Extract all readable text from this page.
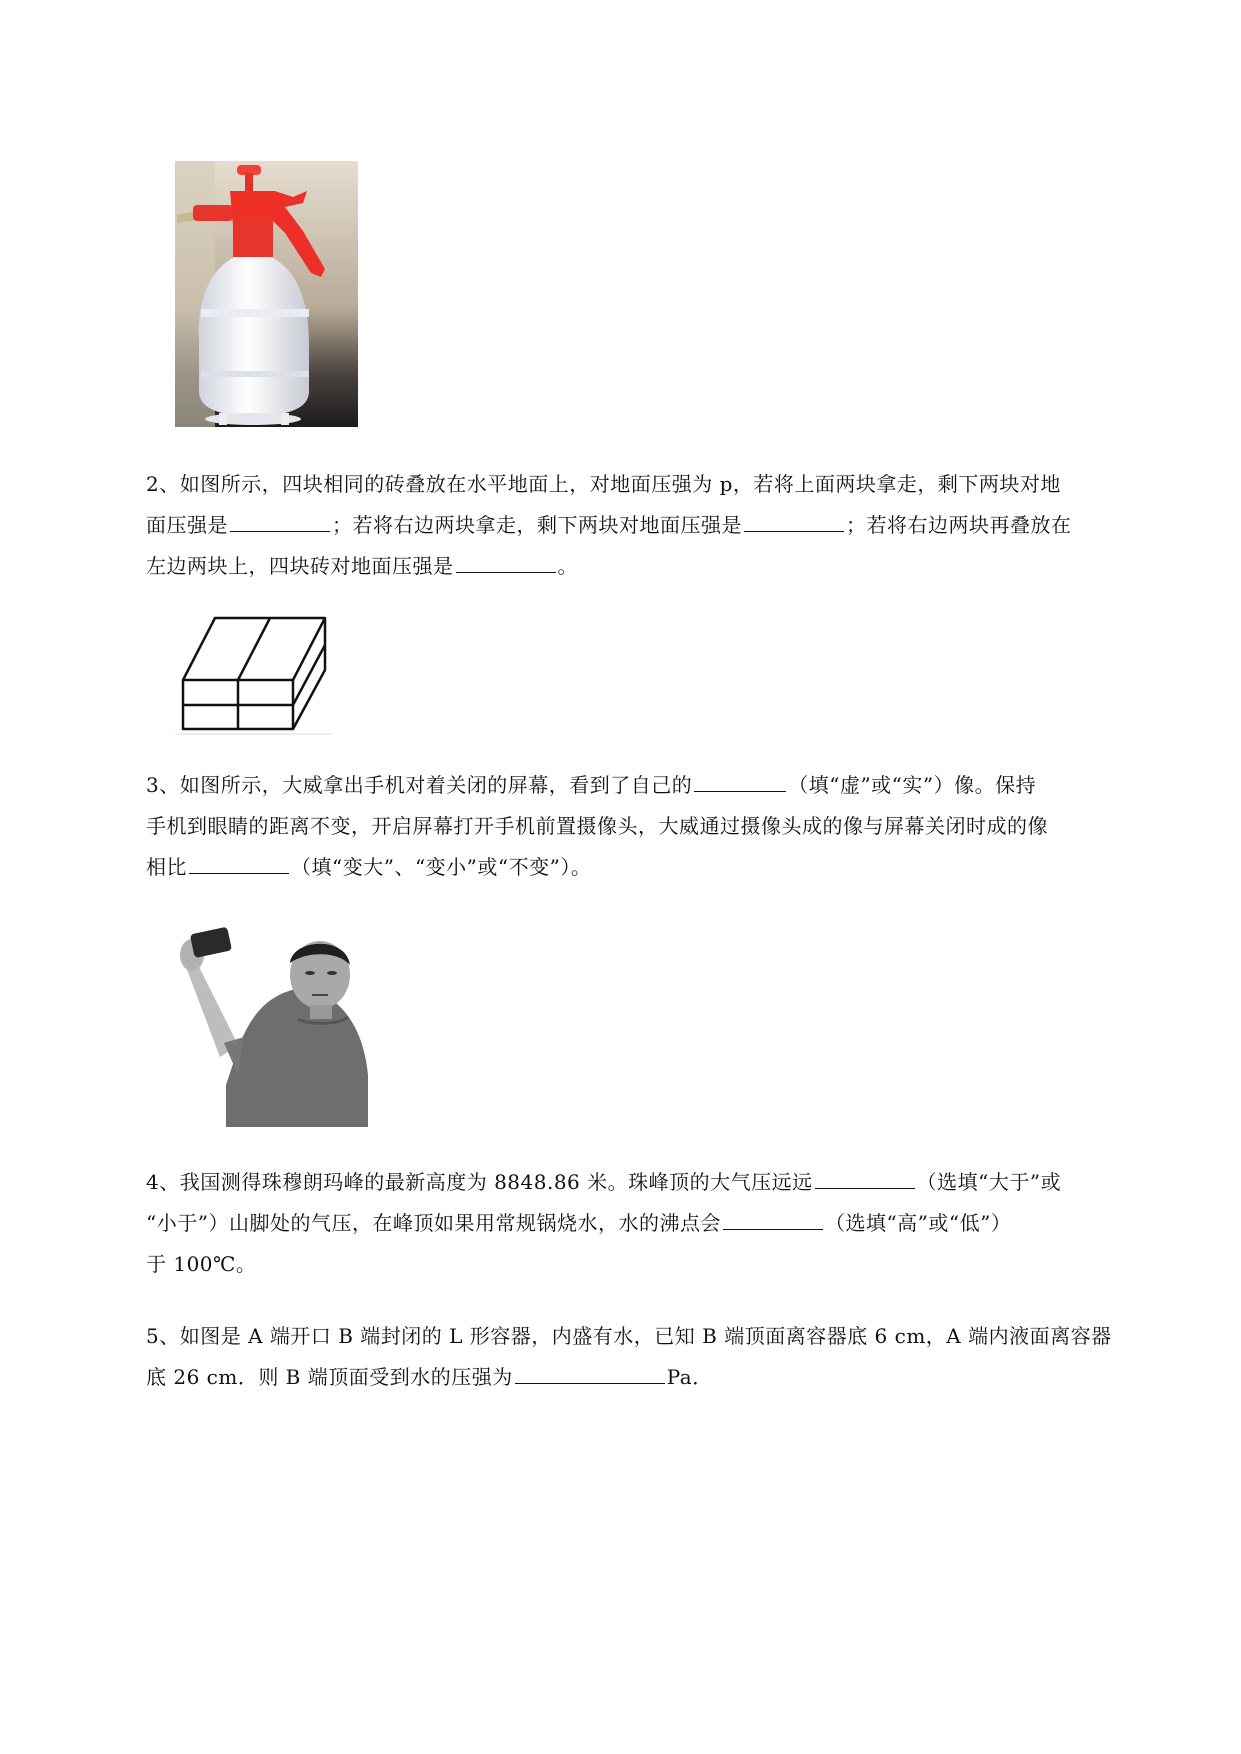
2、如图所示，四块相同的砖叠放在水平地面上，对地面压强为 p，若将上面两块拿走，剩下两块对地

面压强是	；若将右边两块拿走，剩下两块对地面压强是	；若将右边两块再叠放在

左边两块上，四块砖对地面压强是	。

3、如图所示，大威拿出手机对着关闭的屏幕，看到了自己的	（填“虚”或“实”）像。保持

手机到眼睛的距离不变，开启屏幕打开手机前置摄像头，大威通过摄像头成的像与屏幕关闭时成的像

相比	（填“变大”、“变小”或“不变”）。

4、我国测得珠穆朗玛峰的最新高度为 8848.86 米。珠峰顶的大气压远远	（选填“大于”或

“小于”）山脚处的气压，在峰顶如果用常规锅烧水，水的沸点会	（选填“高”或“低”）

于 100℃。

5、如图是 A 端开口 B 端封闭的 L 形容器，内盛有水，已知 B 端顶面离容器底 6 cm，A 端内液面离容器

底 26 cm．则 B 端顶面受到水的压强为	Pa．
